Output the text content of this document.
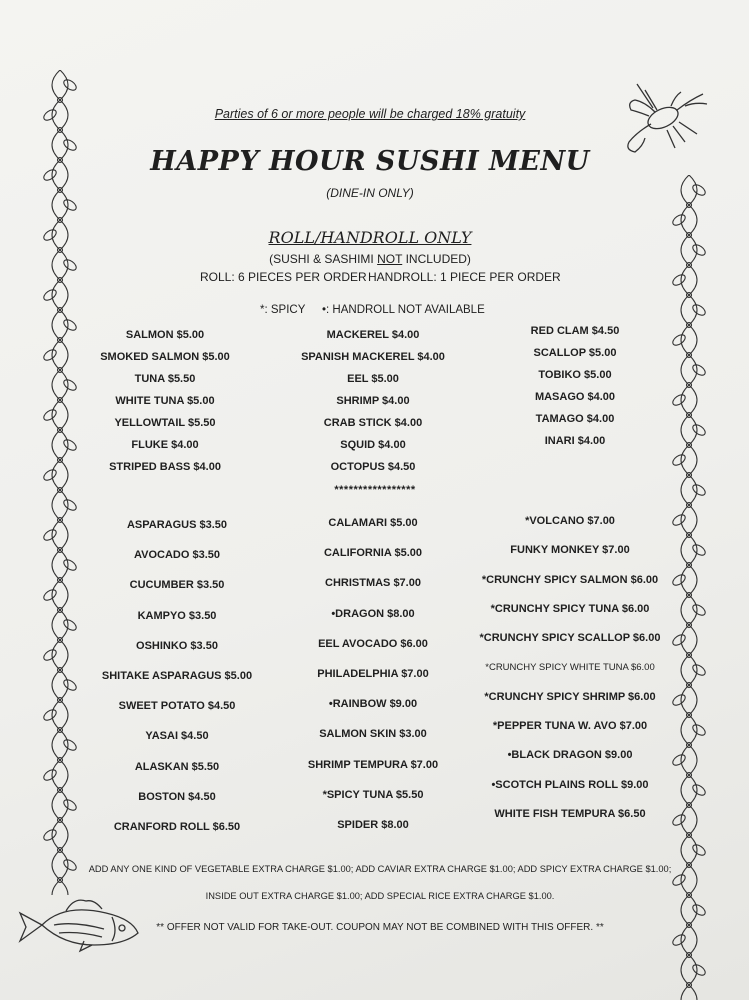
Parties of 6 or more people will be charged 18% gratuity
HAPPY HOUR SUSHI MENU
(DINE-IN ONLY)
ROLL/HANDROLL ONLY
(SUSHI & SASHIMI NOT INCLUDED)
ROLL: 6 PIECES PER ORDER HANDROLL: 1 PIECE PER ORDER
*: SPICY •: HANDROLL NOT AVAILABLE
SALMON $5.00
SMOKED SALMON $5.00
TUNA $5.50
WHITE TUNA $5.00
YELLOWTAIL $5.50
FLUKE $4.00
STRIPED BASS $4.00
MACKEREL $4.00
SPANISH MACKEREL $4.00
EEL $5.00
SHRIMP $4.00
CRAB STICK $4.00
SQUID $4.00
OCTOPUS $4.50
RED CLAM $4.50
SCALLOP $5.00
TOBIKO $5.00
MASAGO $4.00
TAMAGO $4.00
INARI $4.00
*****************
ASPARAGUS $3.50
AVOCADO $3.50
CUCUMBER $3.50
KAMPYO $3.50
OSHINKO $3.50
SHITAKE ASPARAGUS $5.00
SWEET POTATO $4.50
YASAI $4.50
ALASKAN $5.50
BOSTON $4.50
CRANFORD ROLL $6.50
CALAMARI $5.00
CALIFORNIA $5.00
CHRISTMAS $7.00
•DRAGON $8.00
EEL AVOCADO $6.00
PHILADELPHIA $7.00
•RAINBOW $9.00
SALMON SKIN $3.00
SHRIMP TEMPURA $7.00
*SPICY TUNA $5.50
SPIDER $8.00
*VOLCANO $7.00
FUNKY MONKEY $7.00
*CRUNCHY SPICY SALMON $6.00
*CRUNCHY SPICY TUNA $6.00
*CRUNCHY SPICY SCALLOP $6.00
*CRUNCHY SPICY WHITE TUNA $6.00
*CRUNCHY SPICY SHRIMP $6.00
*PEPPER TUNA W. AVO $7.00
•BLACK DRAGON $9.00
•SCOTCH PLAINS ROLL $9.00
WHITE FISH TEMPURA $6.50
ADD ANY ONE KIND OF VEGETABLE EXTRA CHARGE $1.00; ADD CAVIAR EXTRA CHARGE $1.00; ADD SPICY EXTRA CHARGE $1.00;
INSIDE OUT EXTRA CHARGE $1.00; ADD SPECIAL RICE EXTRA CHARGE $1.00.
** OFFER NOT VALID FOR TAKE-OUT. COUPON MAY NOT BE COMBINED WITH THIS OFFER. **
